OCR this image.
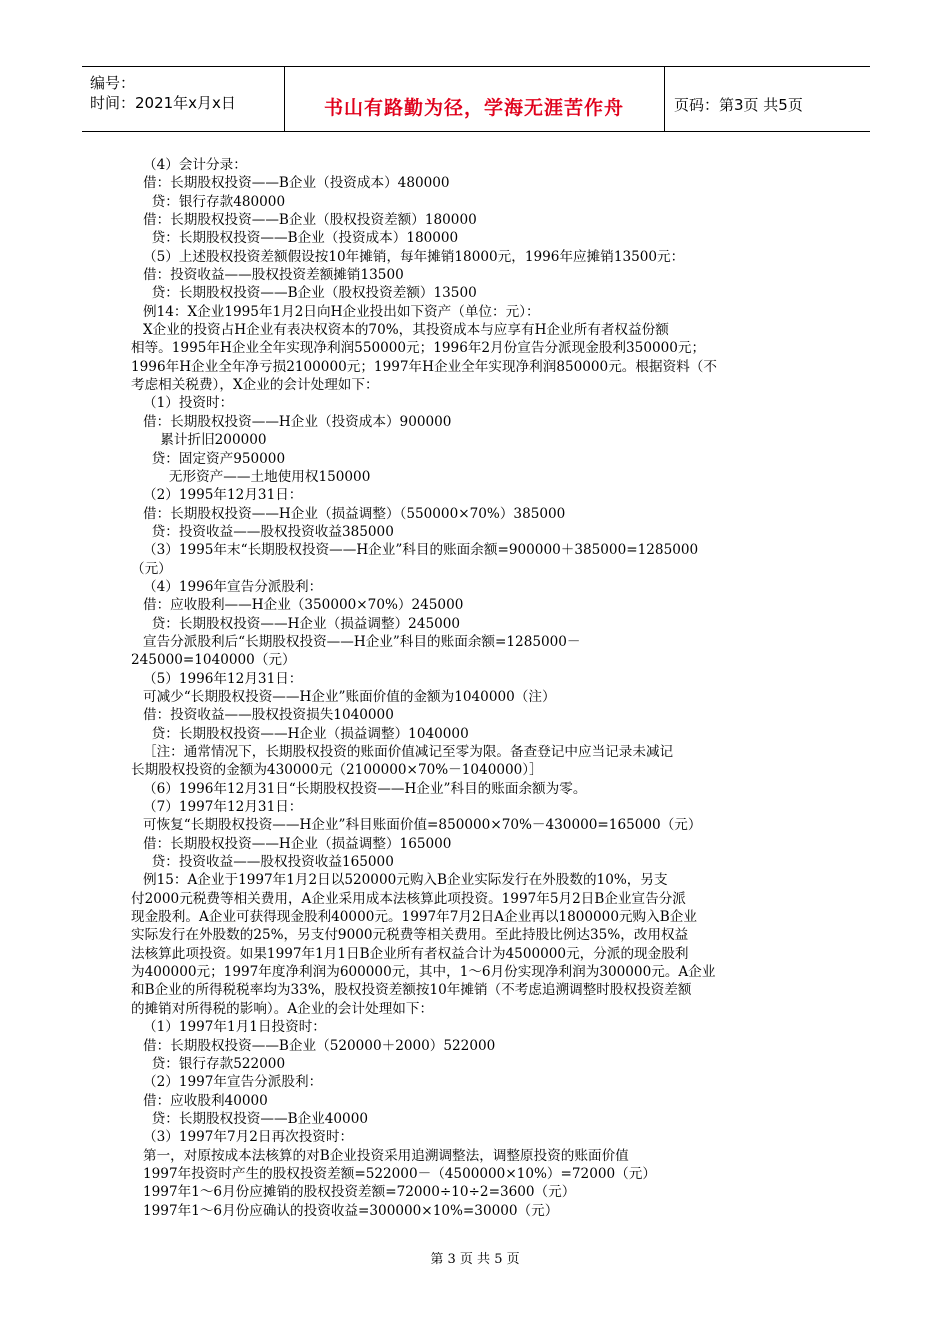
编号：
时间：2021年x月x日	书山有路勤为径，学海无涯苦作舟	页码：第3页 共5页
（4）会计分录：
借：长期股权投资——B企业（投资成本）480000
贷：银行存款480000
借：长期股权投资——B企业（股权投资差额）180000
贷：长期股权投资——B企业（投资成本）180000
（5）上述股权投资差额假设按10年摊销，每年摊销18000元，1996年应摊销13500元：
借：投资收益——股权投资差额摊销13500
贷：长期股权投资——B企业（股权投资差额）13500
例14：X企业1995年1月2日向H企业投出如下资产（单位：元）：
X企业的投资占H企业有表决权资本的70%，其投资成本与应享有H企业所有者权益份额
相等。1995年H企业全年实现净利润550000元；1996年2月份宣告分派现金股利350000元；
1996年H企业全年净亏损2100000元；1997年H企业全年实现净利润850000元。根据资料（不
考虑相关税费），X企业的会计处理如下：
（1）投资时：
借：长期股权投资——H企业（投资成本）900000
累计折旧200000
贷：固定资产950000
无形资产——土地使用权150000
（2）1995年12月31日：
借：长期股权投资——H企业（损益调整）（550000×70%）385000
贷：投资收益——股权投资收益385000
（3）1995年末“长期股权投资——H企业”科目的账面余额=900000＋385000=1285000
（元）
（4）1996年宣告分派股利：
借：应收股利——H企业（350000×70%）245000
贷：长期股权投资——H企业（损益调整）245000
宣告分派股利后“长期股权投资——H企业”科目的账面余额=1285000－
245000=1040000（元）
（5）1996年12月31日：
可减少“长期股权投资——H企业”账面价值的金额为1040000（注）
借：投资收益——股权投资损失1040000
贷：长期股权投资——H企业（损益调整）1040000
［注：通常情况下，长期股权投资的账面价值减记至零为限。备查登记中应当记录未减记
长期股权投资的金额为430000元（2100000×70%－1040000）］
（6）1996年12月31日“长期股权投资——H企业”科目的账面余额为零。
（7）1997年12月31日：
可恢复“长期股权投资——H企业”科目账面价值=850000×70%－430000=165000（元）
借：长期股权投资——H企业（损益调整）165000
贷：投资收益——股权投资收益165000
例15：A企业于1997年1月2日以520000元购入B企业实际发行在外股数的10%，另支
付2000元税费等相关费用，A企业采用成本法核算此项投资。1997年5月2日B企业宣告分派
现金股利。A企业可获得现金股利40000元。1997年7月2日A企业再以1800000元购入B企业
实际发行在外股数的25%，另支付9000元税费等相关费用。至此持股比例达35%，改用权益
法核算此项投资。如果1997年1月1日B企业所有者权益合计为4500000元，分派的现金股利
为400000元；1997年度净利润为600000元，其中，1～6月份实现净利润为300000元。A企业
和B企业的所得税税率均为33%，股权投资差额按10年摊销（不考虑追溯调整时股权投资差额
的摊销对所得税的影响）。A企业的会计处理如下：
（1）1997年1月1日投资时：
借：长期股权投资——B企业（520000＋2000）522000
贷：银行存款522000
（2）1997年宣告分派股利：
借：应收股利40000
贷：长期股权投资——B企业40000
（3）1997年7月2日再次投资时：
第一，对原按成本法核算的对B企业投资采用追溯调整法，调整原投资的账面价值
1997年投资时产生的股权投资差额=522000－（4500000×10%）=72000（元）
1997年1～6月份应摊销的股权投资差额=72000÷10÷2=3600（元）
1997年1～6月份应确认的投资收益=300000×10%=30000（元）
第 3 页 共 5 页
